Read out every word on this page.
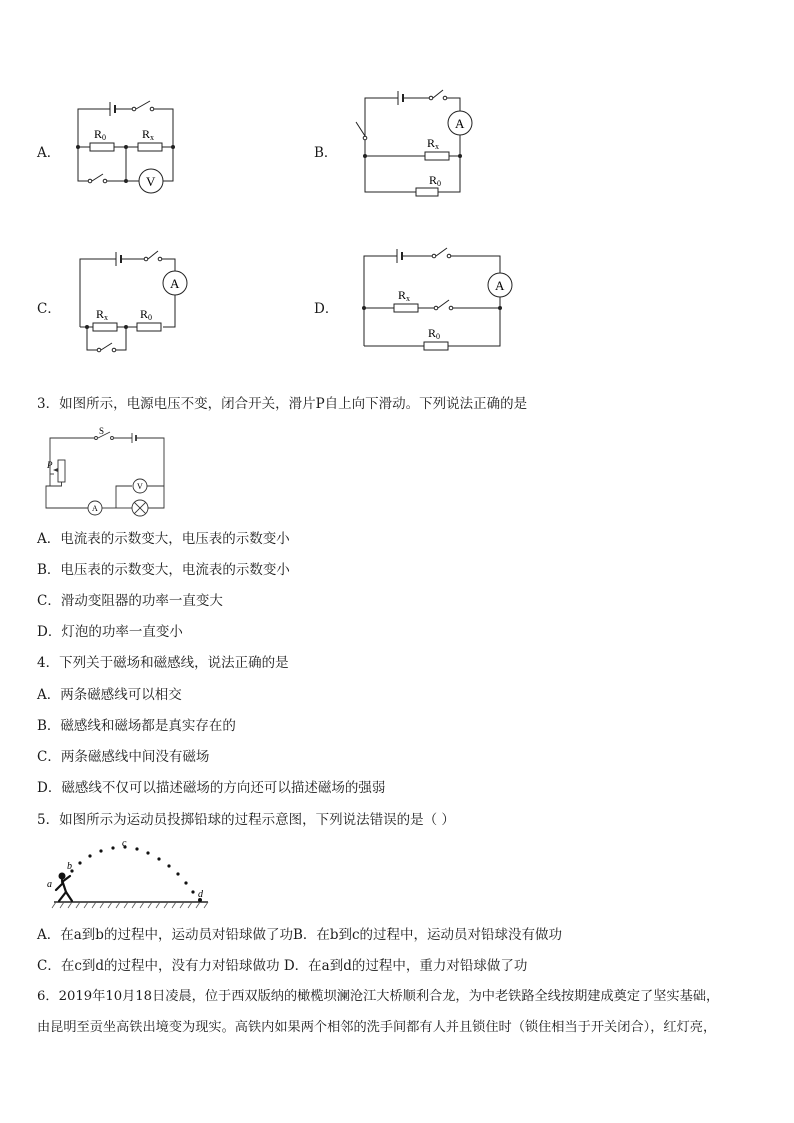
A．
R 0	R x
V
B．
R x
R 0
A
C．	R x	R 0
A
D．
R x
R 0
A
3．如图所示，电源电压不变，闭合开关，滑片P自上向下滑动。下列说法正确的是
S
P
A
V
A．电流表的示数变大，电压表的示数变小
B．电压表的示数变大，电流表的示数变小
C．滑动变阻器的功率一直变大
D．灯泡的功率一直变小
4．下列关于磁场和磁感线，说法正确的是
A．两条磁感线可以相交
B．磁感线和磁场都是真实存在的
C．两条磁感线中间没有磁场
D．磁感线不仅可以描述磁场的方向还可以描述磁场的强弱
5．如图所示为运动员投掷铅球的过程示意图，下列说法错误的是（ ）
a
b
c
d
A．在a到b的过程中，运动员对铅球做了功B．在b到c的过程中，运动员对铅球没有做功
C．在c到d的过程中，没有力对铅球做功 D．在a到d的过程中，重力对铅球做了功
6．2019年10月18日凌晨，位于西双版纳的橄榄坝澜沧江大桥顺利合龙，为中老铁路全线按期建成奠定了坚实基础，
由昆明至贡坐高铁出境变为现实。高铁内如果两个相邻的洗手间都有人并且锁住时（锁住相当于开关闭合），红灯亮，
